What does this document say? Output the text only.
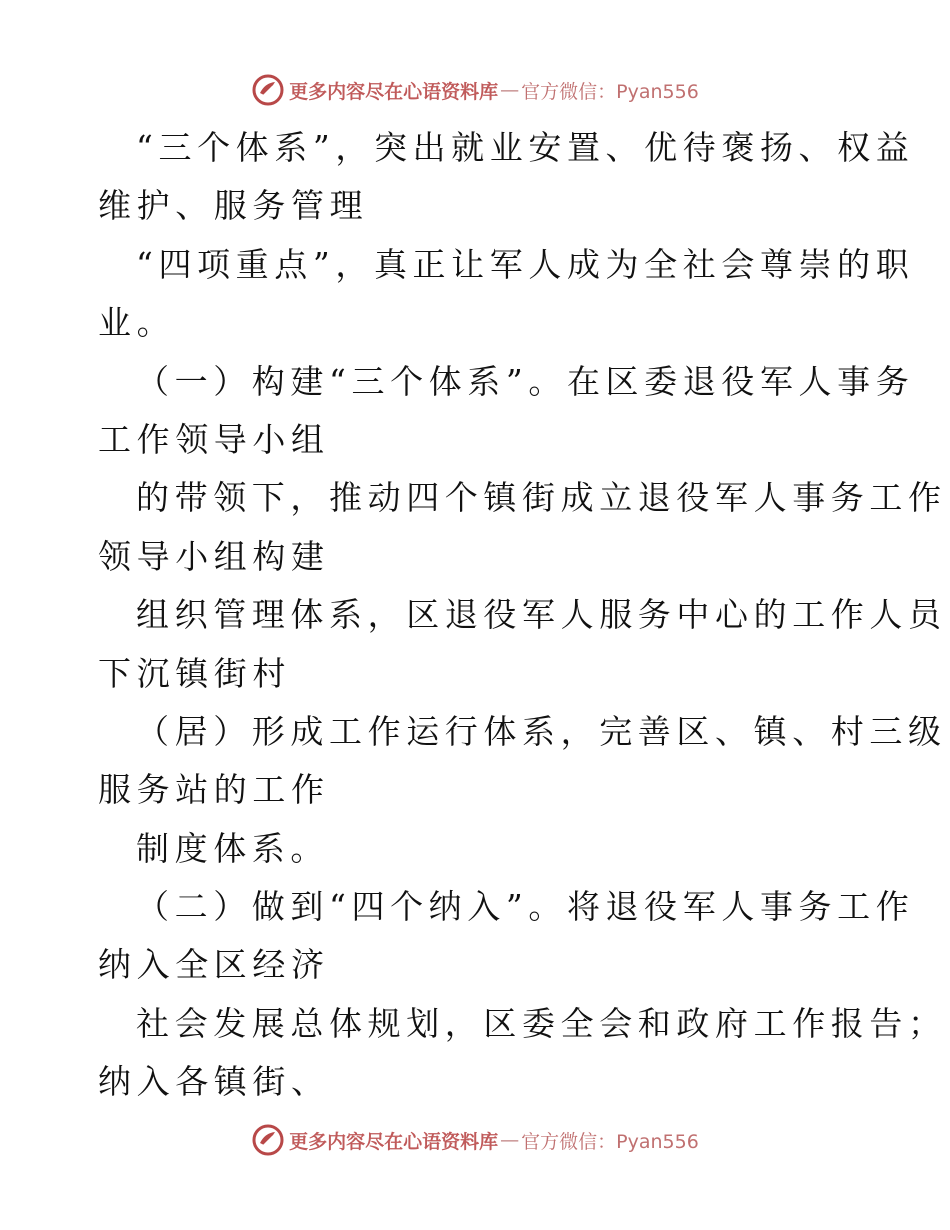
更多内容尽在心语资料库 — 官方微信：Pyan556
“三个体系”，突出就业安置、优待褒扬、权益
维护、服务管理
“四项重点”，真正让军人成为全社会尊崇的职
业。
（一）构建“三个体系”。在区委退役军人事务
工作领导小组
的带领下，推动四个镇街成立退役军人事务工作
领导小组构建
组织管理体系，区退役军人服务中心的工作人员
下沉镇街村
（居）形成工作运行体系，完善区、镇、村三级
服务站的工作
制度体系。
（二）做到“四个纳入”。将退役军人事务工作
纳入全区经济
社会发展总体规划，区委全会和政府工作报告；
纳入各镇街、
更多内容尽在心语资料库 — 官方微信：Pyan556
